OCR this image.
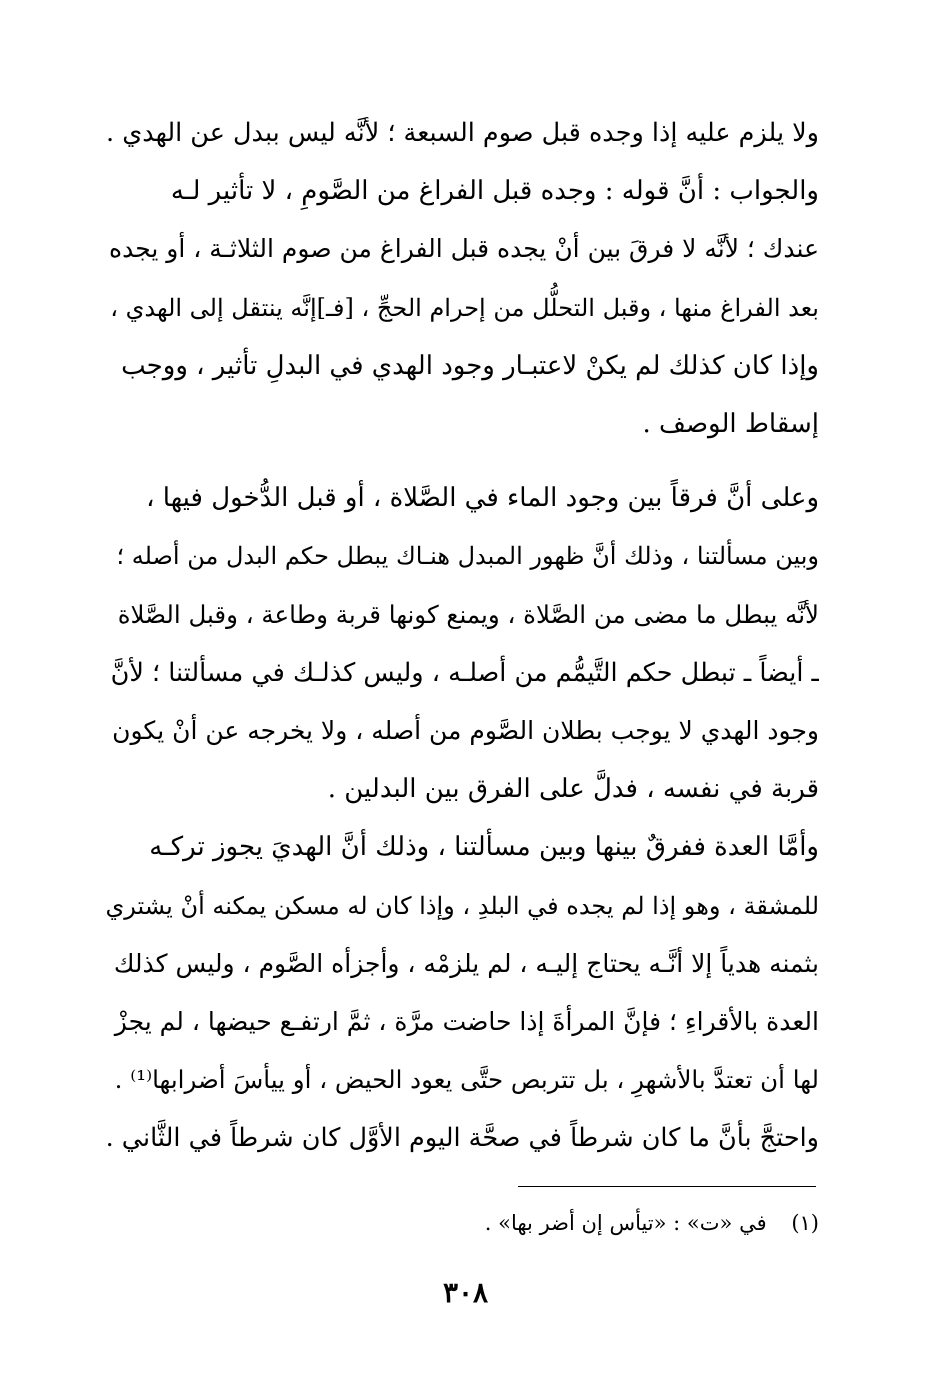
ولا يلزم عليه إذا وجده قبل صوم السبعة ؛ لأنَّه ليس ببدل عن الهدي .

والجواب : أنَّ قوله : وجده قبل الفراغ من الصَّومِ ، لا تأثير لـه
عندك ؛ لأنَّه لا فرقَ بين أنْ يجده قبل الفراغ من صوم الثلاثـة ، أو يجده
بعد الفراغ منها ، وقبل التحلُّل من إحرام الحجِّ ، [فـ]إنَّه ينتقل إلى الهدي ،
وإذا كان كذلك لم يكنْ لاعتبـار وجود الهدي في البدلِ تأثير ، ووجب
إسقاط الوصف .

وعلى أنَّ فرقاً بين وجود الماء في الصَّلاة ، أو قبل الدُّخول فيها ،
وبين مسألتنا ، وذلك أنَّ ظهور المبدل هنـاك يبطل حكم البدل من أصله ؛
لأنَّه يبطل ما مضى من الصَّلاة ، ويمنع كونها قربة وطاعة ، وقبل الصَّلاة
ـ أيضاً ـ تبطل حكم التَّيمُّم من أصلـه ، وليس كذلـك في مسألتنا ؛ لأنَّ
وجود الهدي لا يوجب بطلان الصَّوم من أصله ، ولا يخرجه عن أنْ يكون
قربة في نفسه ، فدلَّ على الفرق بين البدلين .

وأمَّا العدة ففرقٌ بينها وبين مسألتنا ، وذلك أنَّ الهديَ يجوز تركـه
للمشقة ، وهو إذا لم يجده في البلدِ ، وإذا كان له مسكن يمكنه أنْ يشتري
بثمنه هدياً إلا أنَّـه يحتاج إليـه ، لم يلزمْه ، وأجزأه الصَّوم ، وليس كذلك
العدة بالأقراءِ ؛ فإنَّ المرأةَ إذا حاضت مرَّة ، ثمَّ ارتفـع حيضها ، لم يجزْ
لها أن تعتدَّ بالأشهرِ ، بل تتربص حتَّى يعود الحيض ، أو ييأسَ أضرابها⁽¹⁾ .

واحتجَّ بأنَّ ما كان شرطاً في صحَّة اليوم الأوَّل كان شرطاً في الثَّاني .

(١) في «ت» : «تيأس إن أضر بها» .
٣٠٨
